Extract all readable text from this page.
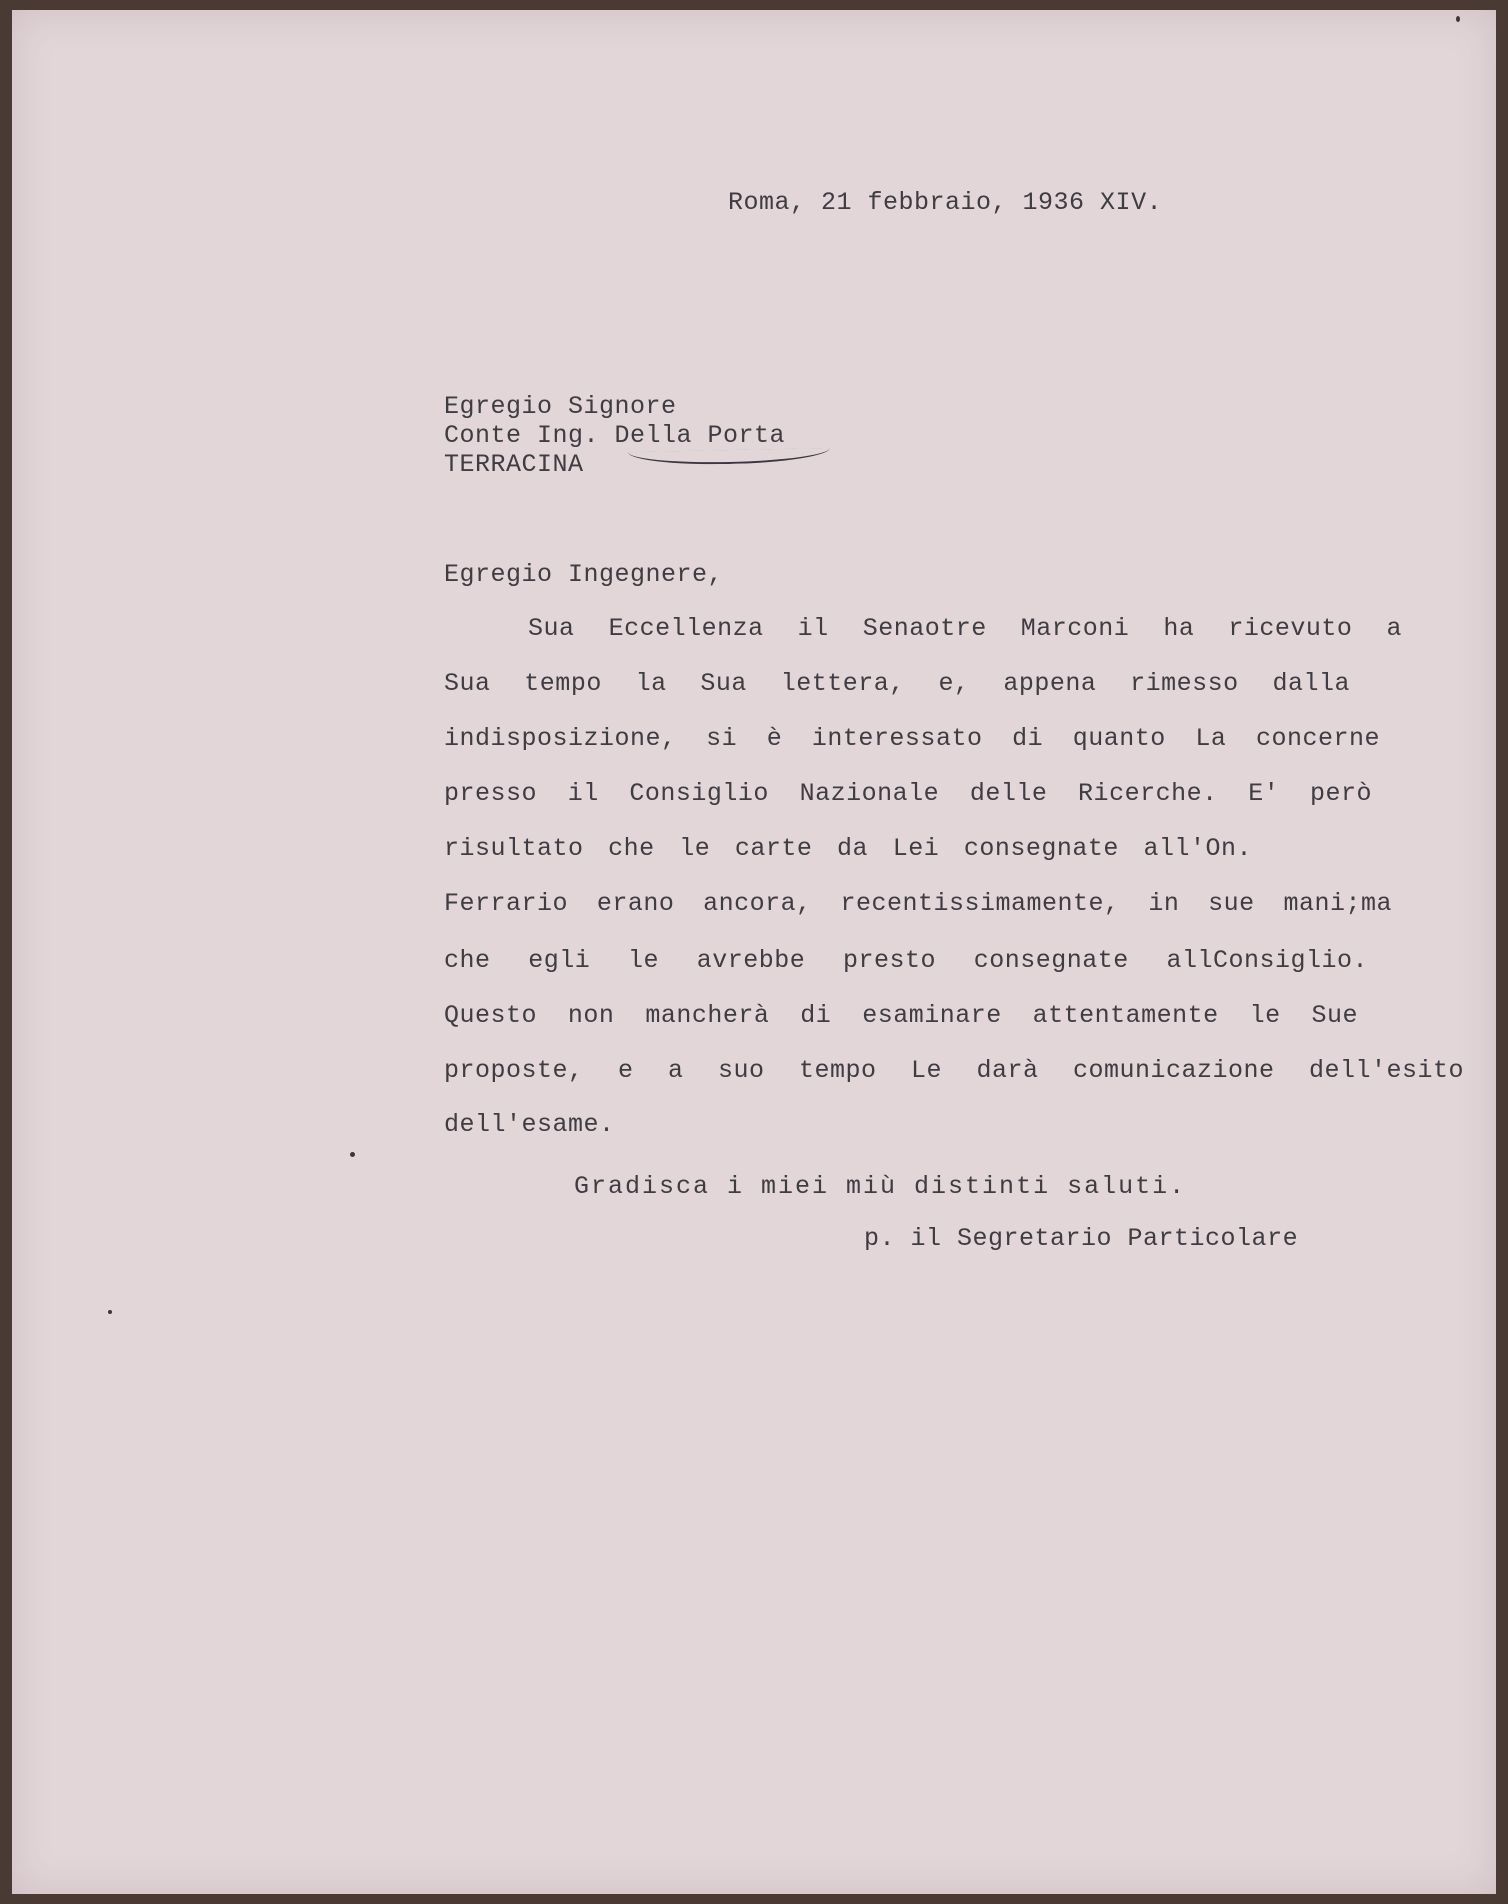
Roma, 21 febbraio, 1936 XIV.
Egregio Signore
Conte Ing. Della Porta
TERRACINA
Egregio Ingegnere,
Sua Eccellenza il Senaotre Marconi ha ricevuto a
Sua tempo la Sua lettera, e, appena rimesso dalla
indisposizione, si è interessato di quanto La concerne
presso il Consiglio Nazionale delle Ricerche. E' però
risultato che le carte da Lei consegnate all'On.
Ferrario erano ancora, recentissimamente, in sue mani;ma
che egli le avrebbe presto consegnate allConsiglio.
Questo non mancherà di esaminare attentamente le Sue
proposte, e a suo tempo Le darà comunicazione dell'esito
dell'esame.
Gradisca i miei miù distinti saluti.
p. il Segretario Particolare
